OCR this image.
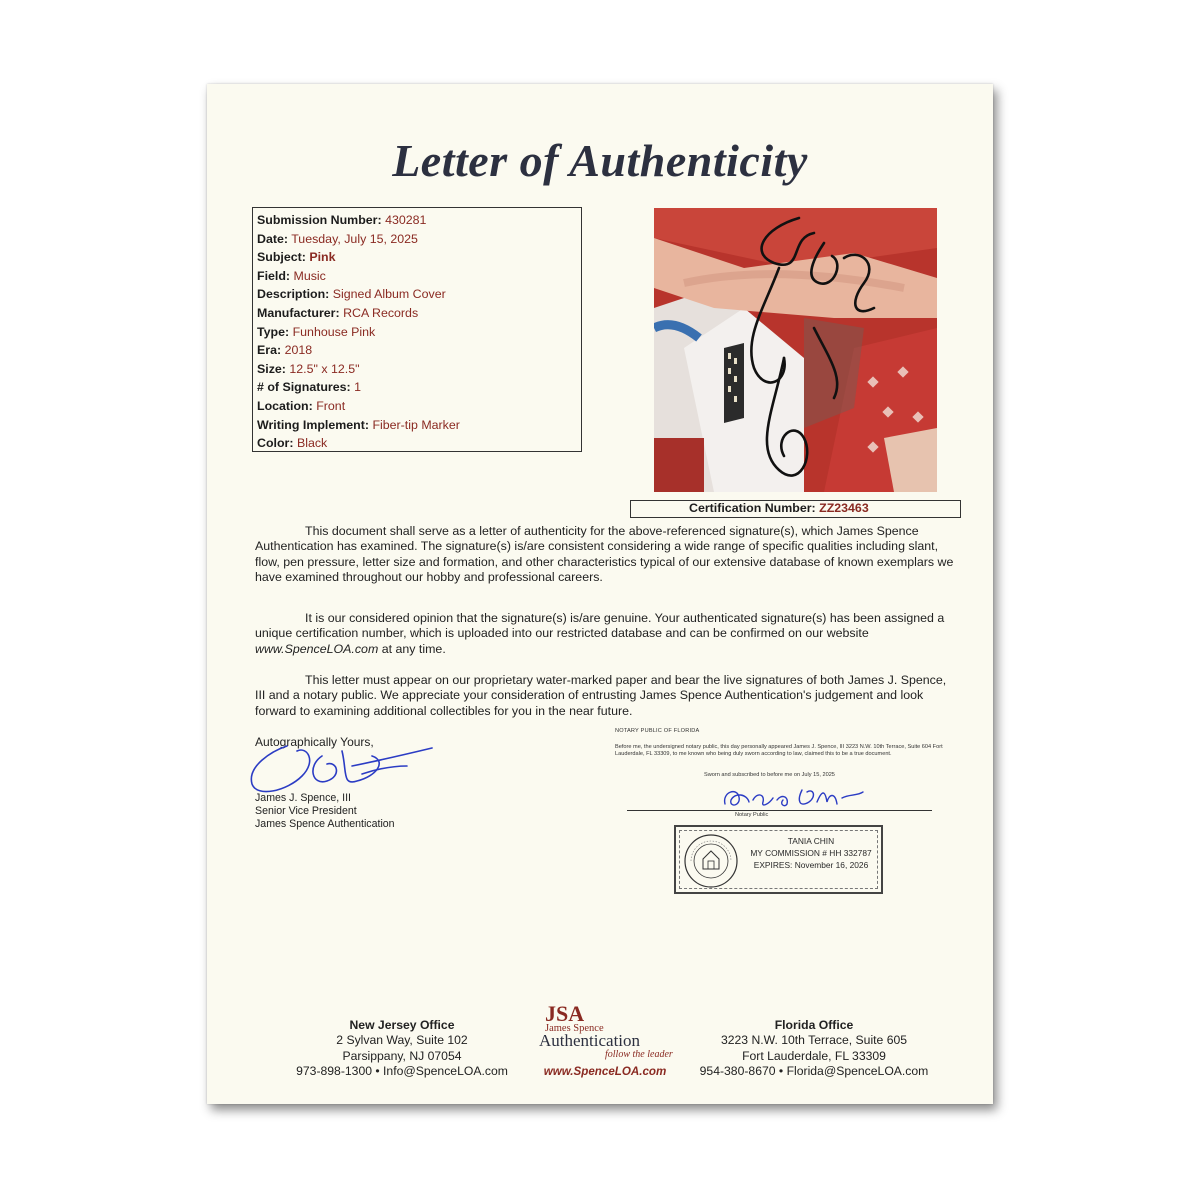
Letter of Authenticity
Submission Number: 430281
Date: Tuesday, July 15, 2025
Subject: Pink
Field: Music
Description: Signed Album Cover
Manufacturer: RCA Records
Type: Funhouse Pink
Era: 2018
Size: 12.5" x 12.5"
# of Signatures: 1
Location: Front
Writing Implement: Fiber-tip Marker
Color: Black
Certification Number: ZZ23463
This document shall serve as a letter of authenticity for the above-referenced signature(s), which James Spence Authentication has examined. The signature(s) is/are consistent considering a wide range of specific qualities including slant, flow, pen pressure, letter size and formation, and other characteristics typical of our extensive database of known exemplars we have examined throughout our hobby and professional careers.
It is our considered opinion that the signature(s) is/are genuine. Your authenticated signature(s) has been assigned a unique certification number, which is uploaded into our restricted database and can be confirmed on our website www.SpenceLOA.com at any time.
This letter must appear on our proprietary water-marked paper and bear the live signatures of both James J. Spence, III and a notary public. We appreciate your consideration of entrusting James Spence Authentication's judgement and look forward to examining additional collectibles for you in the near future.
Autographically Yours,
James J. Spence, III
Senior Vice President
James Spence Authentication
NOTARY PUBLIC OF FLORIDA
Before me, the undersigned notary public, this day personally appeared James J. Spence, III 3223 N.W. 10th Terrace, Suite 604 Fort Lauderdale, FL 33309, to me known who being duly sworn according to law, claimed this to be a true document.
Sworn and subscribed to before me on July 15, 2025
Notary Public
TANIA CHIN
MY COMMISSION # HH 332787
EXPIRES: November 16, 2026
New Jersey Office
2 Sylvan Way, Suite 102
Parsippany, NJ 07054
973-898-1300 • Info@SpenceLOA.com
JSA
James Spence
Authentication
follow the leader
www.SpenceLOA.com
Florida Office
3223 N.W. 10th Terrace, Suite 605
Fort Lauderdale, FL 33309
954-380-8670 • Florida@SpenceLOA.com
